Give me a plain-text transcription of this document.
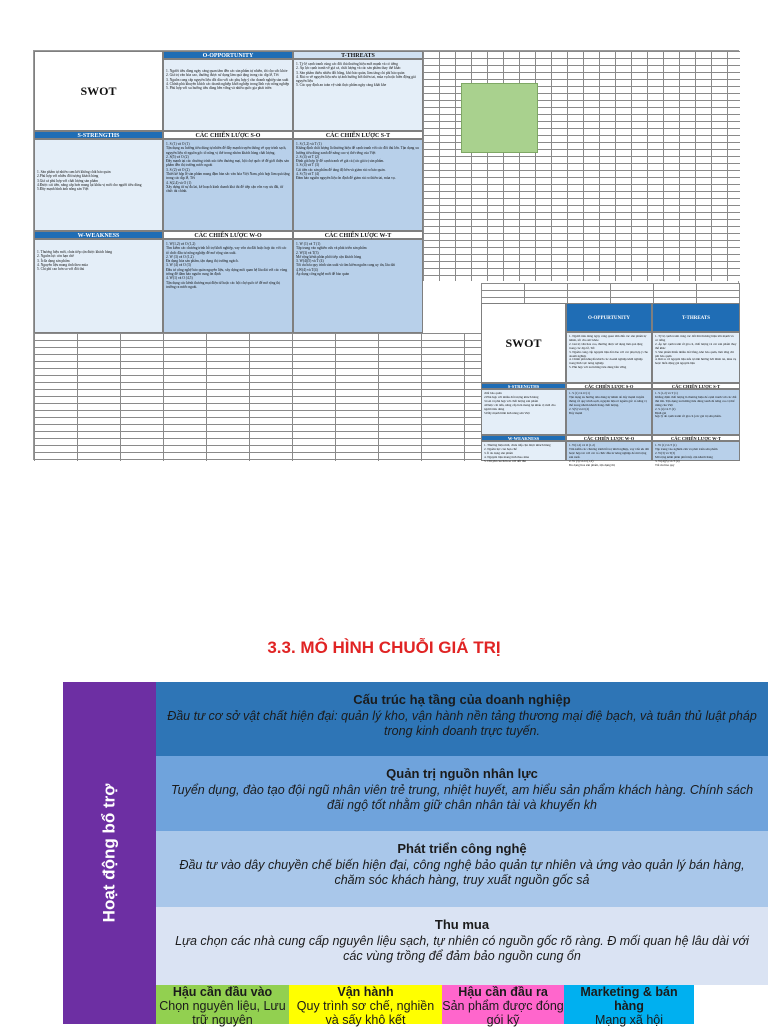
SWOT
O-OPPORTUNITY
1. Người tiêu dùng ngày càng quan tâm đến các sản phẩm tự nhiên, tốt cho sức khỏe
2. Giá trị văn hóa cao, thường được sử dụng làm quà tặng trong các dịp lễ, Tết
3. Nguồn cung cấp nguyên liệu dồi dào với các phụ hợp ý cho doanh nghiệp sản xuất
4. Chính phủ khuyến khích các doanh nghiệp khởi nghiệp trong lĩnh vực nông nghiệp
5. Phù hợp với xu hướng tiêu dùng bền vững và nhiều quốc gia phát triển
T-THREATS
1. Tỷ lệ cạnh tranh cùng các đối thủ thương hiệu mới mạnh và có tiếng
2. Áp lực cạnh tranh về giá cả, chất lượng và các sản phẩm thay thế khác
3. Sản phẩm thiếu nhiều đổi bằng, khó bảo quản, làm tăng chi phí bảo quản
4. Rủi ro về nguyên liệu nếu tự ảnh hưởng bởi thiên tai, mùa vụ hoặc biến động giá nguyên liệu
5. Các quy định an toàn vệ sinh thực phẩm ngày càng khắt khe
S-STRENGTHS
1. Sản phẩm tự nhiên cam kết không chất bảo quản
2.Phù hợp với nhiều đối tượng khách hàng
3.Giá cả phù hợp với chất lượng sản phẩm
4.Được cải tiến, nâng cấp hơn mang lại khẩu vị mới cho người tiêu dùng
5.Đầy mạnh hình ảnh nông sản Việt
CÁC CHIẾN LƯỢC S-O
1. S (1) và O (1)
Tận dụng xu hướng tiêu dùng tự nhiên để đẩy mạnh truyền thông về quy trình sạch, nguyên liệu rõ nguồn gốc tổ nâng vị thế trong nhóm khách hàng chất lượng.
2. S(5) và O (2)
Đẩy mạnh tại các chương trình xúc tiến thương mại, hội chợ quốc tế để giới thiệu sản phẩm đến thị trường nước ngoài
3. S (2) và O (2)
Thiết kế hộp lễ sản phẩm mang đậm bản sắc văn hóa Việt Nam, phù hợp làm quà tặng trong các dịp lễ, Tết
4. S(2,4) và O (1)
Xây dựng từ sự đa lai, kế hoạch kinh doanh khả thi để tiếp cận vốn vay ưu đãi, từ chức tài chính.
CÁC CHIẾN LƯỢC S-T
1. S (1,2) và T (1)
Khẳng định chất lượng là thương hiệu để cạnh tranh với các đối thủ lớn. Tận dụng xu hướng tiêu dùng xanh để nâng cao vị thế riêng của Việt
2. S (4) và T (2)
Định giá hợp lý để cạnh tranh về giá cả (các giá trị sản phẩm.
3. S (4) và T (3)
Cải tiến các sản phẩm để tăng độ bền và giảm rủi ro bảo quản.
4. S (5) và T (4)
Đảm bảo nguồn nguyên liệu ổn định để giảm rủi ro thiên tai, mùa vụ.
W-WEAKNESS
1. Thương hiệu mới, chưa tiếp cận được khách hàng
2. Nguồn lực còn hạn chế
3. Ít đa dạng sản phẩm
4. Nguyên liệu mang tính theo mùa
5. Chi phí cao hơn so với đối thủ
CÁC CHIẾN LƯỢC W-O
1. W(1,2) và O (1,2)
Tìm kiếm các chương trình hỗ trợ khởi nghiệp, vay vốn ưu đãi hoặc hợp tác với các tổ chức đầu tư nông nghiệp để mở rộng sản xuất.
2. W (3) và O (1,2)
Đa dạng hóa sản phẩm, tận dụng thị trường ngách.
3. W (4) và O (3)
Đầu tư công nghệ bảo quản nguyên liệu, xây dựng mối quan hệ lâu dài với các vùng trồng để đảm bảo nguồn cung ổn định
4. W(1) và O (4,5)
Tận dụng các kênh thương mại điện tử hoặc các hội chợ quốc tế để mở rộng thị trường ra nước ngoài.
CÁC CHIẾN LƯỢC W-T
1. W (1) và T (1)
Tập trung vào nghiên cứu và phát triển sản phẩm
2. W(3) và T(3)
Mở rộng kênh phân phối tiếp cận khách hàng
3. W(4)(5) và T (4)
Tối ưu hóa quy trình sản xuất và tìm kiếm nguồn cung uy tín, lâu dài
4.W(4) và T(4)
Áp dụng công nghệ mới để bảo quản
SWOT
O-OPPURTUNITY
1. Người tiêu dùng ngày càng quan tâm đến các sản phẩm tự nhiên, tốt cho sức khỏe
2. Giá trị văn hóa cao, thường được sử dụng làm quà tặng trong các dịp lễ, Tết
3. Nguồn cung cấp nguyên liệu dồi dào với các phụ hợp ý cho doanh nghiệp
4. Chính phủ khuyến khích các doanh nghiệp khởi nghiệp trong lĩnh vực nông nghiệp
5. Phù hợp với xu hướng tiêu dùng bền vững
T-THREATS
1. Tỷ lệ cạnh tranh cùng các đối thủ thương hiệu lớn mạnh và có tiếng
2. Áp lực cạnh tranh về giá cả, chất lượng và các sản phẩm thay thế khác
3. Sản phẩm thiếu nhiều đổi bằng, khó bảo quản, làm tăng chi phí bảo quản
4. Rủi ro về nguyên liệu nếu tự ảnh hưởng bởi thiên tai, mùa vụ hoặc biến động giá nguyên liệu
S-STRENGTHS
chất bảo quản
2.Phù hợp với nhiều đối tượng khách hàng
3.Giá cả phù hợp với chất lượng sản phẩm
4.Được cải tiến, nâng cấp hơn mang lại khẩu vị mới cho người tiêu dùng
5.Đầy mạnh hình ảnh nông sản Việt
CÁC CHIẾN LƯỢC S-O
1. S (1) và O (1)
Tận dụng xu hướng tiêu dùng tự nhiên để đẩy mạnh truyền thông về quy trình sạch, nguyên liệu rõ nguồn gốc tổ nâng vị thế trong nhóm khách hàng chất lượng.
2. S(5) và O (2)
Đẩy mạnh
CÁC CHIẾN LƯỢC S-T
1. S (1,2) và T (1)
Khẳng định chất lượng là thương hiệu để cạnh tranh với các đối thủ lớn. Tận dụng xu hướng tiêu dùng xanh để nâng cao vị thế riêng của Việt
2. S (4) và T (2)
Định giá
hợp lý để cạnh tranh về giá cả (các giá trị sản phẩm.
W-WEAKNESS
1. Thương hiệu mới, chưa tiếp cận được khách hàng
2. Nguồn lực còn hạn chế
3. Ít đa dạng sản phẩm
4. Nguyên liệu mang tính theo mùa
5. Chi phí cao hơn so với đối thủ
CÁC CHIẾN LƯỢC W-O
1. W(1,2) và O (1,2)
Tìm kiếm các chương trình hỗ trợ khởi nghiệp, vay vốn ưu đãi hoặc hợp tác với các tổ chức đầu tư nông nghiệp để mở rộng sản xuất.
2. W (3) và O (1,2)
Đa dạng hóa sản phẩm, tận dụng thị
CÁC CHIẾN LƯỢC W-T
1. W (1) và T (1)
Tập trung vào nghiên cứu và phát triển sản phẩm
2. W(3) và T(3)
Mở rộng kênh phân phối tiếp cận khách hàng
3. W(4)(5) và T (4)
Tối ưu hóa quy
3.3. MÔ HÌNH CHUỖI GIÁ TRỊ
Hoạt động bổ trợ
Cấu trúc hạ tầng của doanh nghiệp

Đầu tư cơ sở vật chất hiện đại: quản lý kho, vận hành nền tảng thương mại điệ bạch, và tuân thủ luật pháp trong kinh doanh trực tuyến.

Quản trị nguồn nhân lực

Tuyển dụng, đào tạo đội ngũ nhân viên trẻ trung, nhiệt huyết, am hiểu sản phẩm khách hàng. Chính sách đãi ngộ tốt nhằm giữ chân nhân tài và khuyến kh

Phát triển công nghệ

Đầu tư vào dây chuyền chế biến hiện đại, công nghệ bảo quản tự nhiên và ứng vào quản lý bán hàng, chăm sóc khách hàng, truy xuất nguồn gốc sả

Thu mua

Lựa chọn các nhà cung cấp nguyên liệu sạch, tự nhiên có nguồn gốc rõ ràng. Đ mối quan hệ lâu dài với các vùng trồng để đảm bảo nguồn cung ổn

Hậu cần đầu vào
Chọn nguyên liệu, Lưu trữ nguyên
Vận hành
Quy trình sơ chế, nghiền và sấy khô kết
Hậu cần đầu ra
Sản phẩm được đóng gói kỹ
Marketing & bán hàng
Mạng xã hội
